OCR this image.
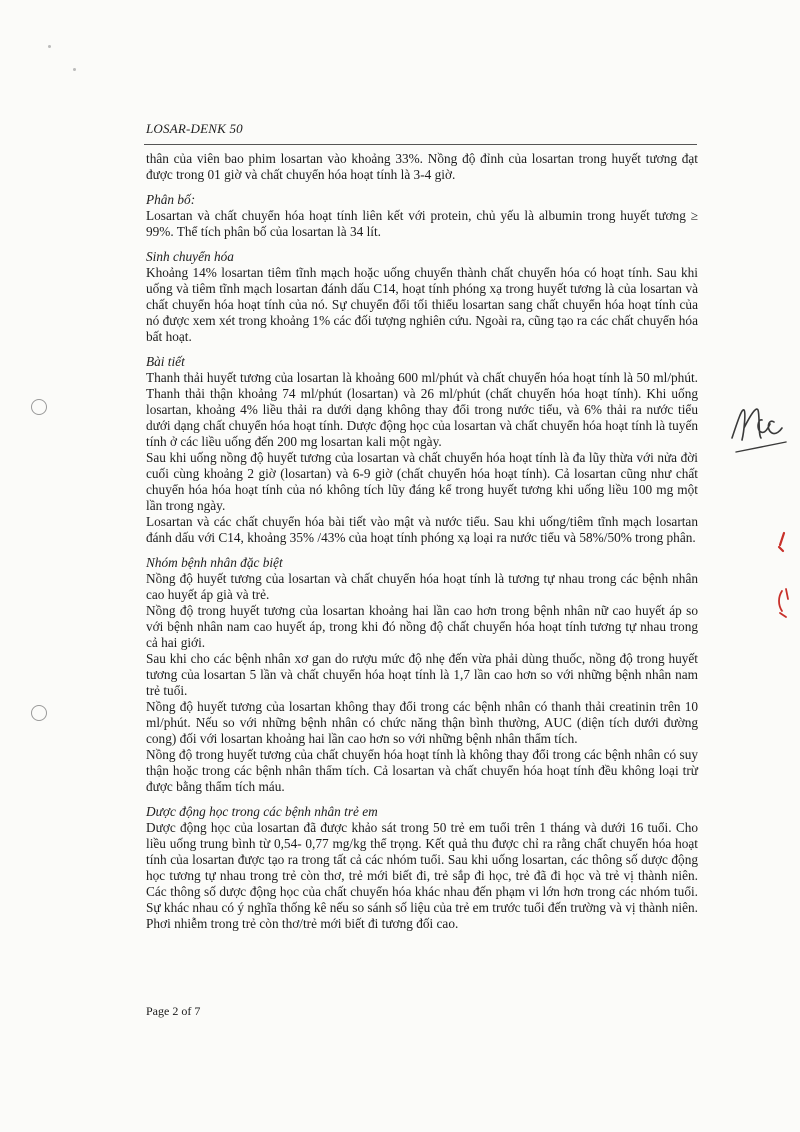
LOSAR-DENK 50

thân của viên bao phim losartan vào khoảng 33%. Nồng độ đỉnh của losartan trong huyết tương đạt được trong 01 giờ và chất chuyển hóa hoạt tính là 3-4 giờ.

Phân bố:

Losartan và chất chuyển hóa hoạt tính liên kết với protein, chủ yếu là albumin trong huyết tương ≥ 99%. Thể tích phân bố của losartan là 34 lít.

Sinh chuyển hóa

Khoảng 14% losartan tiêm tĩnh mạch hoặc uống chuyển thành chất chuyển hóa có hoạt tính. Sau khi uống và tiêm tĩnh mạch losartan đánh dấu C14, hoạt tính phóng xạ trong huyết tương là của losartan và chất chuyển hóa hoạt tính của nó. Sự chuyển đổi tối thiểu losartan sang chất chuyển hóa hoạt tính của nó được xem xét trong khoảng 1% các đối tượng nghiên cứu. Ngoài ra, cũng tạo ra các chất chuyển hóa bất hoạt.

Bài tiết

Thanh thải huyết tương của losartan là khoảng 600 ml/phút và chất chuyển hóa hoạt tính là 50 ml/phút. Thanh thải thận khoảng 74 ml/phút (losartan) và 26 ml/phút (chất chuyển hóa hoạt tính). Khi uống losartan, khoảng 4% liều thải ra dưới dạng không thay đổi trong nước tiểu, và 6% thải ra nước tiểu dưới dạng chất chuyển hóa hoạt tính. Dược động học của losartan và chất chuyển hóa hoạt tính là tuyến tính ở các liều uống đến 200 mg losartan kali một ngày.

Sau khi uống nồng độ huyết tương của losartan và chất chuyển hóa hoạt tính là đa lũy thừa với nửa đời cuối cùng khoảng 2 giờ (losartan) và 6-9 giờ (chất chuyển hóa hoạt tính). Cả losartan cũng như chất chuyển hóa hóa hoạt tính của nó không tích lũy đáng kể trong huyết tương khi uống liều 100 mg một lần trong ngày.

Losartan và các chất chuyển hóa bài tiết vào mật và nước tiểu. Sau khi uống/tiêm tĩnh mạch losartan đánh dấu với C14, khoảng 35% /43% của hoạt tính phóng xạ loại ra nước tiểu và 58%/50% trong phân.

Nhóm bệnh nhân đặc biệt

Nồng độ huyết tương của losartan và chất chuyển hóa hoạt tính là tương tự nhau trong các bệnh nhân cao huyết áp già và trẻ.

Nồng độ trong huyết tương của losartan khoảng hai lần cao hơn trong bệnh nhân nữ cao huyết áp so với bệnh nhân nam cao huyết áp, trong khi đó nồng độ chất chuyển hóa hoạt tính tương tự nhau trong cả hai giới.

Sau khi cho các bệnh nhân xơ gan do rượu mức độ nhẹ đến vừa phải dùng thuốc, nồng độ trong huyết tương của losartan 5 lần và chất chuyển hóa hoạt tính là 1,7 lần cao hơn so với những bệnh nhân nam trẻ tuổi.

Nồng độ huyết tương của losartan không thay đổi trong các bệnh nhân có thanh thải creatinin trên 10 ml/phút. Nếu so với những bệnh nhân có chức năng thận bình thường, AUC (diện tích dưới đường cong) đối với losartan khoảng hai lần cao hơn so với những bệnh nhân thẩm tích.

Nồng độ trong huyết tương của chất chuyển hóa hoạt tính là không thay đổi trong các bệnh nhân có suy thận hoặc trong các bệnh nhân thẩm tích. Cả losartan và chất chuyển hóa hoạt tính đều không loại trừ được bằng thẩm tích máu.

Dược động học trong các bệnh nhân trẻ em

Dược động học của losartan đã được khảo sát trong 50 trẻ em tuổi trên 1 tháng và dưới 16 tuổi. Cho liều uống trung bình từ 0,54- 0,77 mg/kg thể trọng. Kết quả thu được chỉ ra rằng chất chuyển hóa hoạt tính của losartan được tạo ra trong tất cả các nhóm tuổi. Sau khi uống losartan, các thông số dược động học tương tự nhau trong trẻ còn thơ, trẻ mới biết đi, trẻ sắp đi học, trẻ đã đi học và trẻ vị thành niên. Các thông số dược động học của chất chuyển hóa khác nhau đến phạm vi lớn hơn trong các nhóm tuổi. Sự khác nhau có ý nghĩa thống kê nếu so sánh số liệu của trẻ em trước tuổi đến trường và vị thành niên. Phơi nhiễm trong trẻ còn thơ/trẻ mới biết đi tương đối cao.

Page 2 of 7
